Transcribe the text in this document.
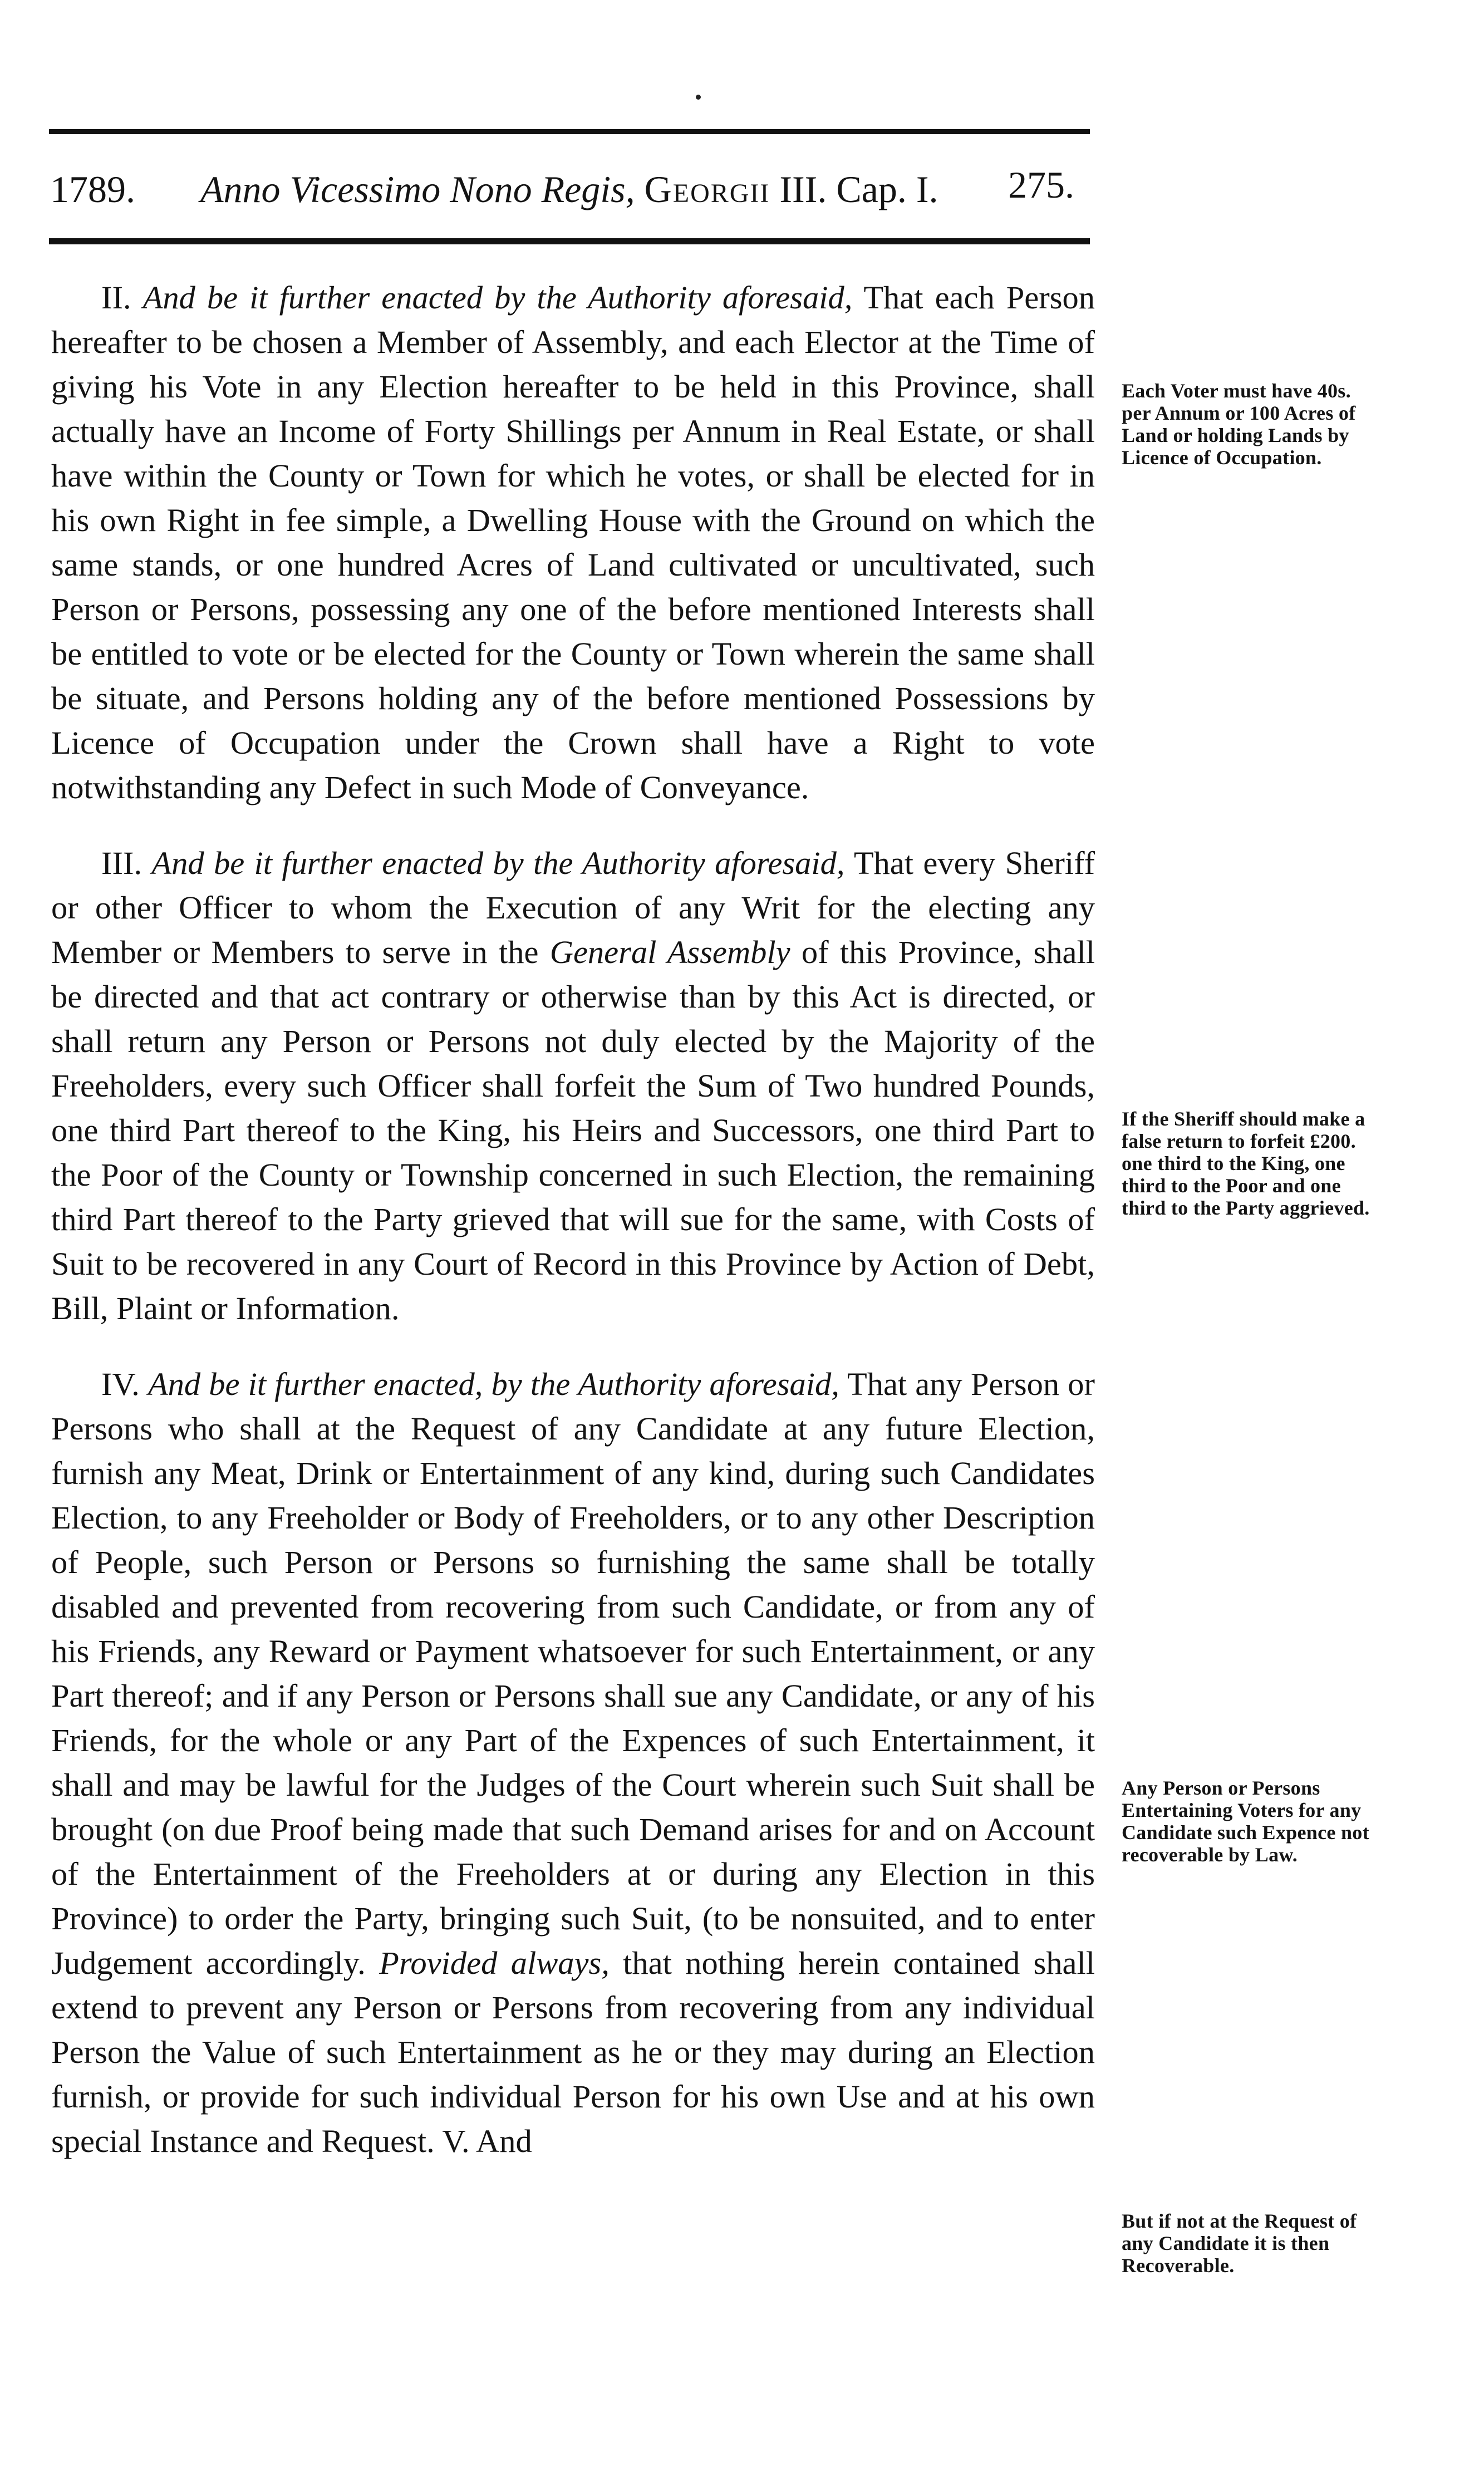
1789. Anno Vicessimo Nono Regis, Georgii III. Cap. I. 275.

II. And be it further enacted by the Authority aforesaid, That each Person hereafter to be chosen a Member of Assembly, and each Elector at the Time of giving his Vote in any Election hereafter to be held in this Province, shall actually have an Income of Forty Shillings per Annum in Real Estate, or shall have within the County or Town for which he votes, or shall be elected for in his own Right in fee simple, a Dwelling House with the Ground on which the same stands, or one hundred Acres of Land cultivated or uncultivated, such Person or Persons, possessing any one of the before mentioned Interests shall be entitled to vote or be elected for the County or Town wherein the same shall be situate, and Persons holding any of the before mentioned Possessions by Licence of Occupation under the Crown shall have a Right to vote notwithstanding any Defect in such Mode of Conveyance.

III. And be it further enacted by the Authority aforesaid, That every Sheriff or other Officer to whom the Execution of any Writ for the electing any Member or Members to serve in the General Assembly of this Province, shall be directed and that act contrary or otherwise than by this Act is directed, or shall return any Person or Persons not duly elected by the Majority of the Freeholders, every such Officer shall forfeit the Sum of Two hundred Pounds, one third Part thereof to the King, his Heirs and Successors, one third Part to the Poor of the County or Township concerned in such Election, the remaining third Part thereof to the Party grieved that will sue for the same, with Costs of Suit to be recovered in any Court of Record in this Province by Action of Debt, Bill, Plaint or Information.

IV. And be it further enacted, by the Authority aforesaid, That any Person or Persons who shall at the Request of any Candidate at any future Election, furnish any Meat, Drink or Entertainment of any kind, during such Candidates Election, to any Freeholder or Body of Freeholders, or to any other Description of People, such Person or Persons so furnishing the same shall be totally disabled and prevented from recovering from such Candidate, or from any of his Friends, any Reward or Payment whatsoever for such Entertainment, or any Part thereof; and if any Person or Persons shall sue any Candidate, or any of his Friends, for the whole or any Part of the Expences of such Entertainment, it shall and may be lawful for the Judges of the Court wherein such Suit shall be brought (on due Proof being made that such Demand arises for and on Account of the Entertainment of the Freeholders at or during any Election in this Province) to order the Party, bringing such Suit, (to be nonsuited, and to enter Judgement accordingly. Provided always, that nothing herein contained shall extend to prevent any Person or Persons from recovering from any individual Person the Value of such Entertainment as he or they may during an Election furnish, or provide for such individual Person for his own Use and at his own special Instance and Request. V. And

Each Voter must have 40s. per Annum or 100 Acres of Land or holding Lands by Licence of Occupation.
If the Sheriff should make a false return to forfeit £200. one third to the King, one third to the Poor and one third to the Party aggrieved.
Any Person or Persons Entertaining Voters for any Candidate such Expence not recoverable by Law.
But if not at the Request of any Candidate it is then Recoverable.
